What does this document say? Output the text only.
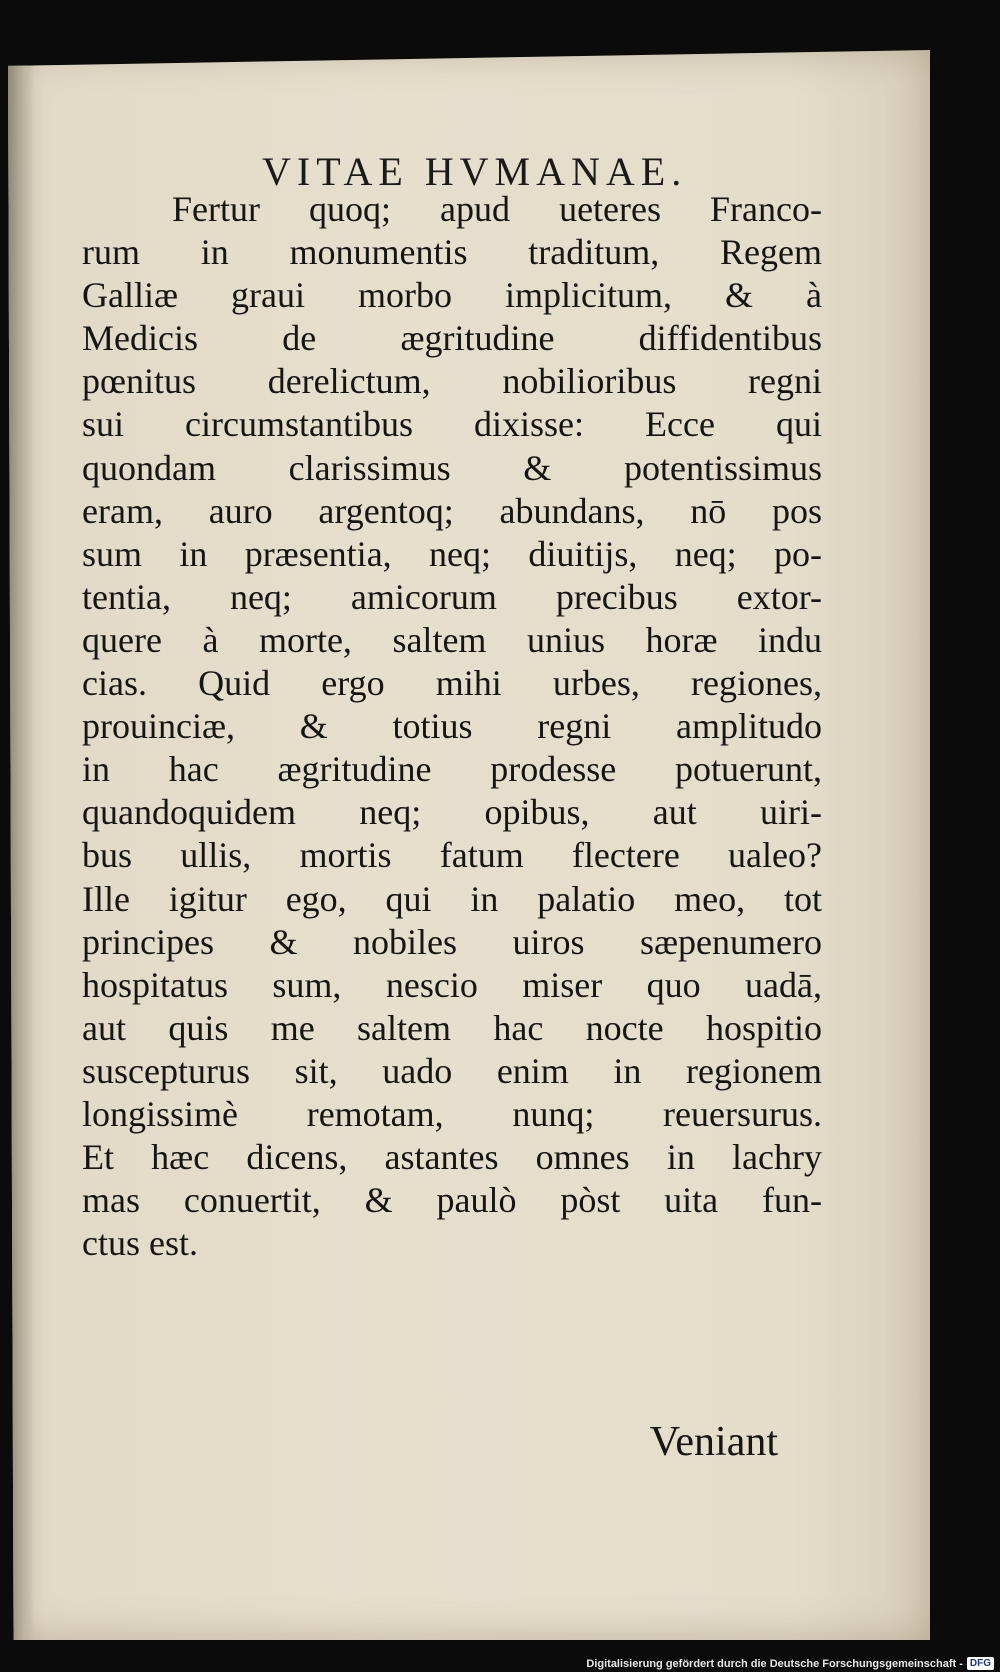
VITAE HVMANAE.
Fertur quoq; apud ueteres Franco-
rum in monumentis traditum, Regem
Galliæ graui morbo implicitum, & à
Medicis de ægritudine diffidentibus
pœnitus derelictum, nobilioribus regni
sui circumstantibus dixisse: Ecce qui
quondam clarissimus & potentissimus
eram, auro argentoq; abundans, nō pos
sum in præsentia, neq; diuitijs, neq; po-
tentia, neq; amicorum precibus extor-
quere à morte, saltem unius horæ indu
cias. Quid ergo mihi urbes, regiones,
prouinciæ, & totius regni amplitudo
in hac ægritudine prodesse potuerunt,
quandoquidem neq; opibus, aut uiri-
bus ullis, mortis fatum flectere ualeo?
Ille igitur ego, qui in palatio meo, tot
principes & nobiles uiros sæpenumero
hospitatus sum, nescio miser quo uadā,
aut quis me saltem hac nocte hospitio
suscepturus sit, uado enim in regionem
longissimè remotam, nunq; reuersurus.
Et hæc dicens, astantes omnes in lachry
mas conuertit, & paulò pòst uita fun-
ctus est.
Veniant
Digitalisierung gefördert durch die Deutsche Forschungsgemeinschaft - DFG
